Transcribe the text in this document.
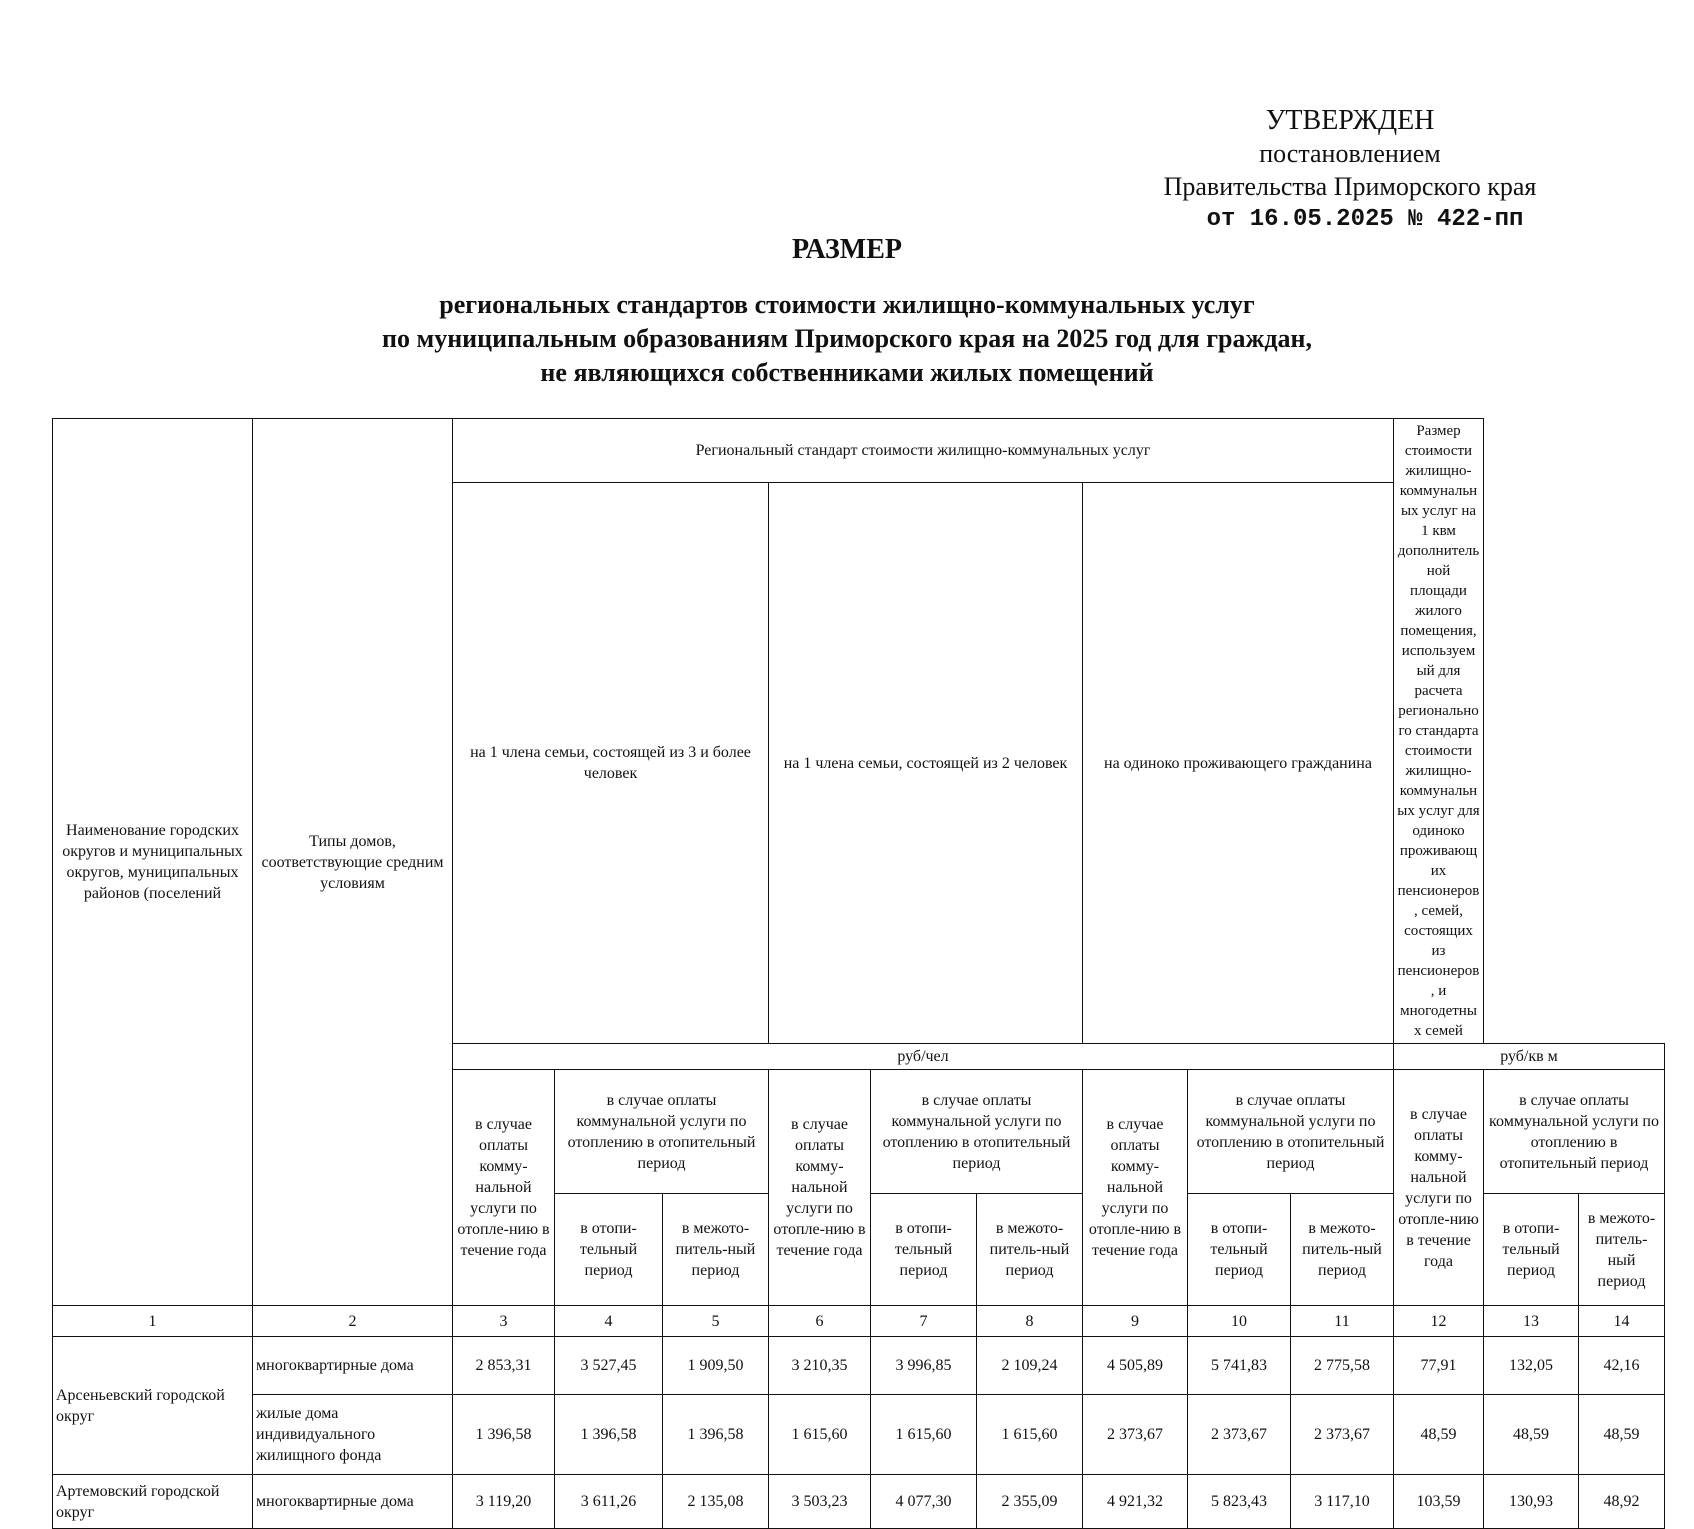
УТВЕРЖДЕН
постановлением
Правительства Приморского края
от 16.05.2025 № 422-пп
РАЗМЕР
региональных стандартов стоимости жилищно-коммунальных услуг
по муниципальным образованиям Приморского края на 2025 год для граждан,
не являющихся собственниками жилых помещений
Наименование городских округов и муниципальных округов, муниципальных районов (поселений	Типы домов, соответствующие средним условиям	Региональный стандарт стоимости жилищно-коммунальных услуг									Размер стоимости жилищно-коммунальных услуг на 1 квм дополнительной площади жилого помещения, используемый для расчета регионального стандарта стоимости жилищно-коммунальных услуг для одиноко проживающих пенсионеров, семей, состоящих из пенсионеров, и многодетных семей		
		на 1 члена семьи, состоящей из 3 и более человек			на 1 члена семьи, состоящей из 2 человек			на одиноко проживающего гражданина					
		руб/чел									руб/кв м		
		в случае оплаты комму-нальной услуги по отопле-нию в течение года	в случае оплаты коммунальной услуги по отоплению в отопительный период		в случае оплаты комму-нальной услуги по отопле-нию в течение года	в случае оплаты коммунальной услуги по отоплению в отопительный период		в случае оплаты комму-нальной услуги по отопле-нию в течение года	в случае оплаты коммунальной услуги по отоплению в отопительный период		в случае оплаты комму-нальной услуги по отопле-нию в течение года	в случае оплаты коммунальной услуги по отоплению в отопительный период	
			в отопи-тельный период	в межото-питель-ный период		в отопи-тельный период	в межото-питель-ный период		в отопи-тельный период	в межото-питель-ный период		в отопи-тельный период	в межото-питель-ный период
1	2	3	4	5	6	7	8	9	10	11	12	13	14
Арсеньевский городской округ	многоквартирные дома	2 853,31	3 527,45	1 909,50	3 210,35	3 996,85	2 109,24	4 505,89	5 741,83	2 775,58	77,91	132,05	42,16
	жилые дома индивидуального жилищного фонда	1 396,58	1 396,58	1 396,58	1 615,60	1 615,60	1 615,60	2 373,67	2 373,67	2 373,67	48,59	48,59	48,59
Артемовский городской округ	многоквартирные дома	3 119,20	3 611,26	2 135,08	3 503,23	4 077,30	2 355,09	4 921,32	5 823,43	3 117,10	103,59	130,93	48,92
